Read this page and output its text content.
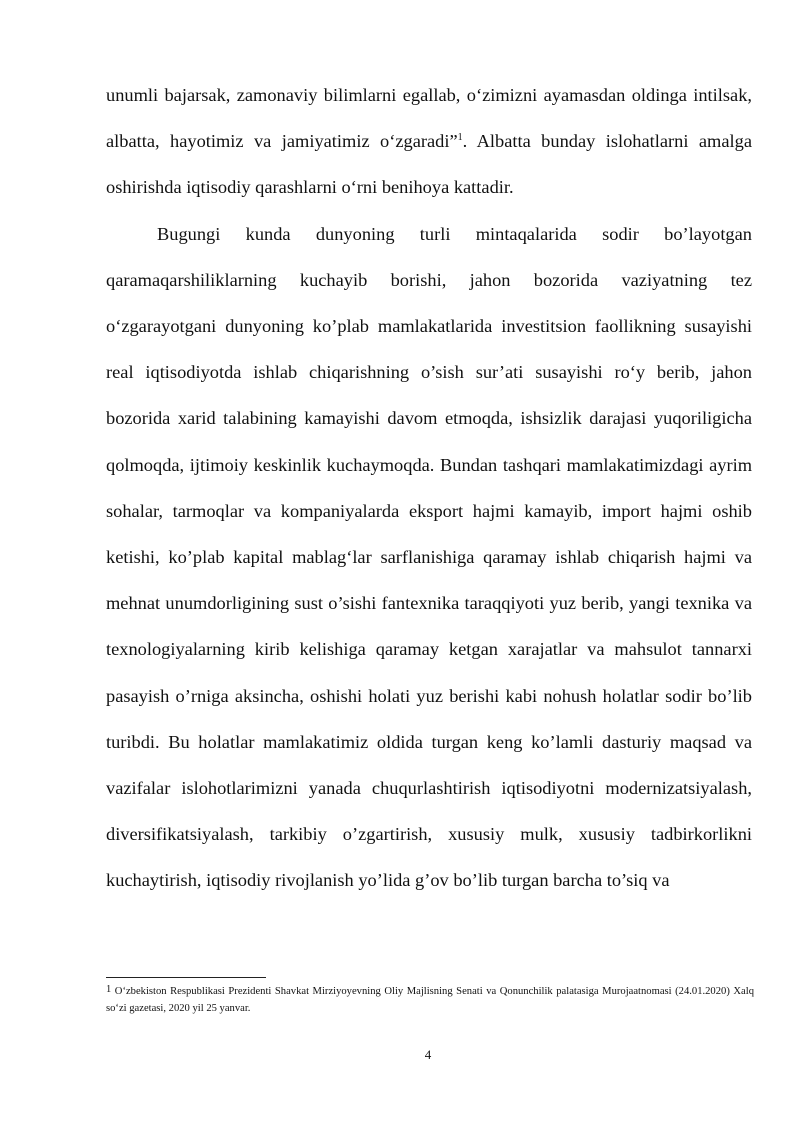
unumli bajarsak, zamonaviy bilimlarni egallab, o‘zimizni ayamasdan oldinga intilsak, albatta, hayotimiz va jamiyatimiz o‘zgaradi”$^1$. Albatta bunday islohatlarni amalga oshirishda iqtisodiy qarashlarni o‘rni benihoya kattadir.

Bugungi kunda dunyoning turli mintaqalarida sodir bo’layotgan qaramaqarshiliklarning kuchayib borishi, jahon bozorida vaziyatning tez o‘zgarayotgani dunyoning ko’plab mamlakatlarida investitsion faollikning susayishi real iqtisodiyotda ishlab chiqarishning o’sish sur’ati susayishi ro‘y berib, jahon bozorida xarid talabining kamayishi davom etmoqda, ishsizlik darajasi yuqoriligicha qolmoqda, ijtimoiy keskinlik kuchaymoqda. Bundan tashqari mamlakatimizdagi ayrim sohalar, tarmoqlar va kompaniyalarda eksport hajmi kamayib, import hajmi oshib ketishi, ko’plab kapital mablag‘lar sarflanishiga qaramay ishlab chiqarish hajmi va mehnat unumdorligining sust o’sishi fantexnika taraqqiyoti yuz berib, yangi texnika va texnologiyalarning kirib kelishiga qaramay ketgan xarajatlar va mahsulot tannarxi pasayish o’rniga aksincha, oshishi holati yuz berishi kabi nohush holatlar sodir bo’lib turibdi. Bu holatlar mamlakatimiz oldida turgan keng ko’lamli dasturiy maqsad va vazifalar islohotlarimizni yanada chuqurlashtirish iqtisodiyotni modernizatsiyalash, diversifikatsiyalash, tarkibiy o’zgartirish, xususiy mulk, xususiy tadbirkorlikni kuchaytirish, iqtisodiy rivojlanish yo’lida g’ov bo’lib turgan barcha to’siq va

$^1$ O‘zbekiston Respublikasi Prezidenti Shavkat Mirziyoyevning Oliy Majlisning Senati va Qonunchilik palatasiga Murojaatnomasi (24.01.2020) Xalq so‘zi gazetasi, 2020 yil 25 yanvar.
4
